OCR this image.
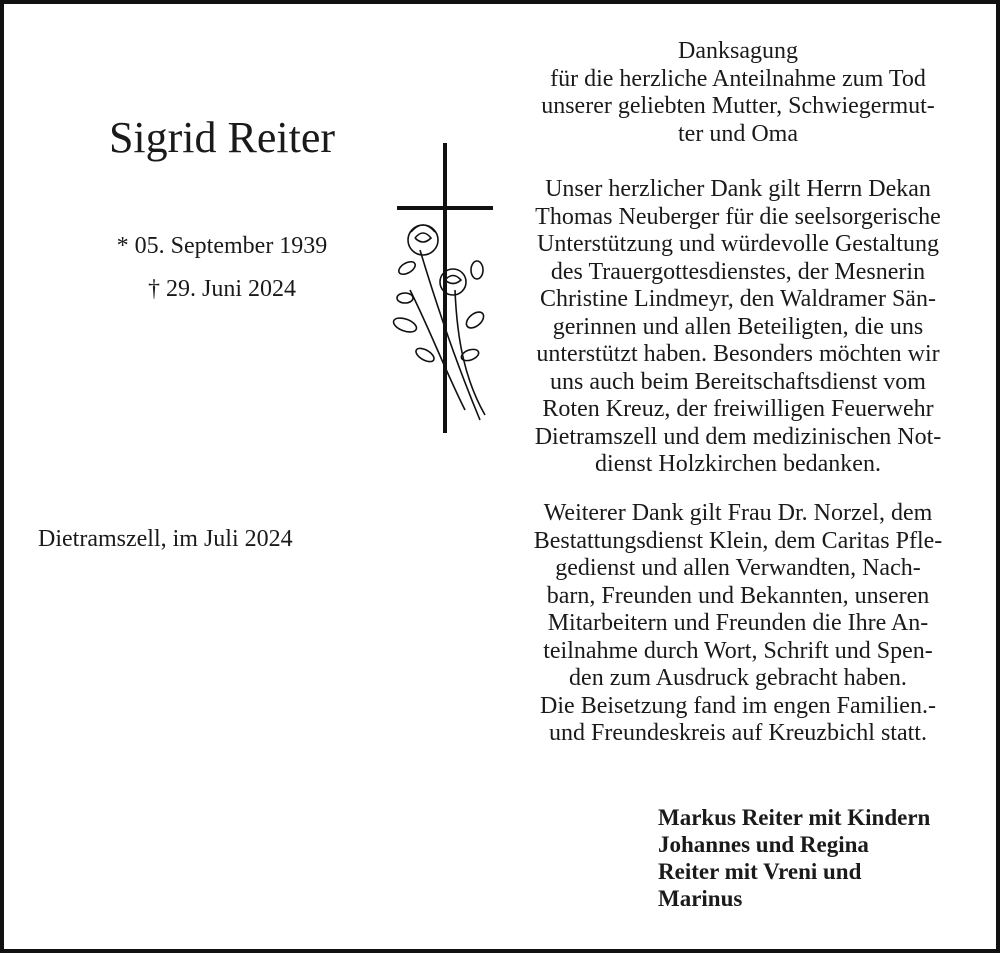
Sigrid Reiter
* 05. September 1939
† 29. Juni 2024
Dietramszell, im Juli 2024
Danksagung
für die herzliche Anteilnahme zum Tod
unserer geliebten Mutter, Schwiegermut-
ter und Oma
Unser herzlicher Dank gilt Herrn Dekan
Thomas Neuberger für die seelsorgerische
Unterstützung und würdevolle Gestaltung
des Trauergottesdienstes, der Mesnerin
Christine Lindmeyr, den Waldramer Sän-
gerinnen und allen Beteiligten, die uns
unterstützt haben. Besonders möchten wir
uns auch beim Bereitschaftsdienst vom
Roten Kreuz, der freiwilligen Feuerwehr
Dietramszell und dem medizinischen Not-
dienst Holzkirchen bedanken.
Weiterer Dank gilt Frau Dr. Norzel, dem
Bestattungsdienst Klein, dem Caritas Pfle-
gedienst und allen Verwandten, Nach-
barn, Freunden und Bekannten, unseren
Mitarbeitern und Freunden die Ihre An-
teilnahme durch Wort, Schrift und Spen-
den zum Ausdruck gebracht haben.
Die Beisetzung fand im engen Familien.-
und Freundeskreis auf Kreuzbichl statt.
Markus Reiter mit Kindern
Johannes und Regina
Reiter mit Vreni und
Marinus
